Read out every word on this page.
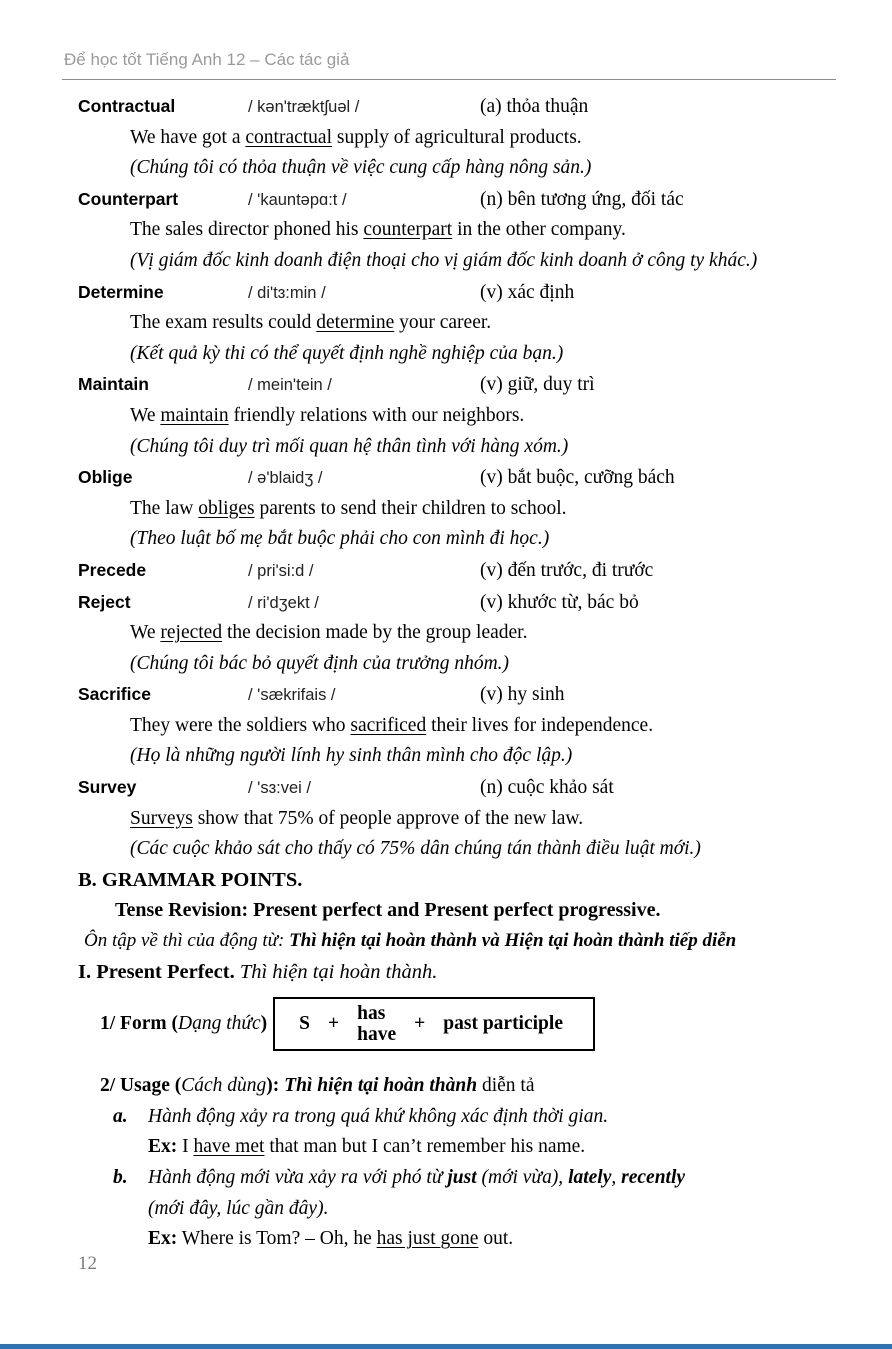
Để học tốt Tiếng Anh 12 – Các tác giả
Contractual	/ kən'træktʃuəl /	(a) thỏa thuận
We have got a contractual supply of agricultural products.
(Chúng tôi có thỏa thuận về việc cung cấp hàng nông sản.)
Counterpart	/ 'kauntəpɑ:t /	(n) bên tương ứng, đối tác
The sales director phoned his counterpart in the other company.
(Vị giám đốc kinh doanh điện thoại cho vị giám đốc kinh doanh ở công ty khác.)
Determine	/ di'tɜ:min /	(v) xác định
The exam results could determine your career.
(Kết quả kỳ thi có thể quyết định nghề nghiệp của bạn.)
Maintain	/ mein'tein /	(v) giữ, duy trì
We maintain friendly relations with our neighbors.
(Chúng tôi duy trì mối quan hệ thân tình với hàng xóm.)
Oblige	/ ə'blaidʒ /	(v) bắt buộc, cưỡng bách
The law obliges parents to send their children to school.
(Theo luật bố mẹ bắt buộc phải cho con mình đi học.)
Precede	/ pri'si:d /	(v) đến trước, đi trước
Reject	/ ri'dʒekt /	(v) khước từ, bác bỏ
We rejected the decision made by the group leader.
(Chúng tôi bác bỏ quyết định của trưởng nhóm.)
Sacrifice	/ 'sækrifais /	(v) hy sinh
They were the soldiers who sacrificed their lives for independence.
(Họ là những người lính hy sinh thân mình cho độc lập.)
Survey	/ 'sɜ:vei /	(n) cuộc khảo sát
Surveys show that 75% of people approve of the new law.
(Các cuộc khảo sát cho thấy có 75% dân chúng tán thành điều luật mới.)
B. GRAMMAR POINTS.
Tense Revision: Present perfect and Present perfect progressive.
Ôn tập về thì của động từ: Thì hiện tại hoàn thành và Hiện tại hoàn thành tiếp diễn
I. Present Perfect. Thì hiện tại hoàn thành.
1/ Form (Dạng thức) S + has
have
+ past participle
2/ Usage (Cách dùng): Thì hiện tại hoàn thành diễn tả
a.	Hành động xảy ra trong quá khứ không xác định thời gian.
Ex: I have met that man but I can’t remember his name.
b.	Hành động mới vừa xảy ra với phó từ just (mới vừa), lately, recently
(mới đây, lúc gần đây).
Ex: Where is Tom? – Oh, he has just gone out.
12
